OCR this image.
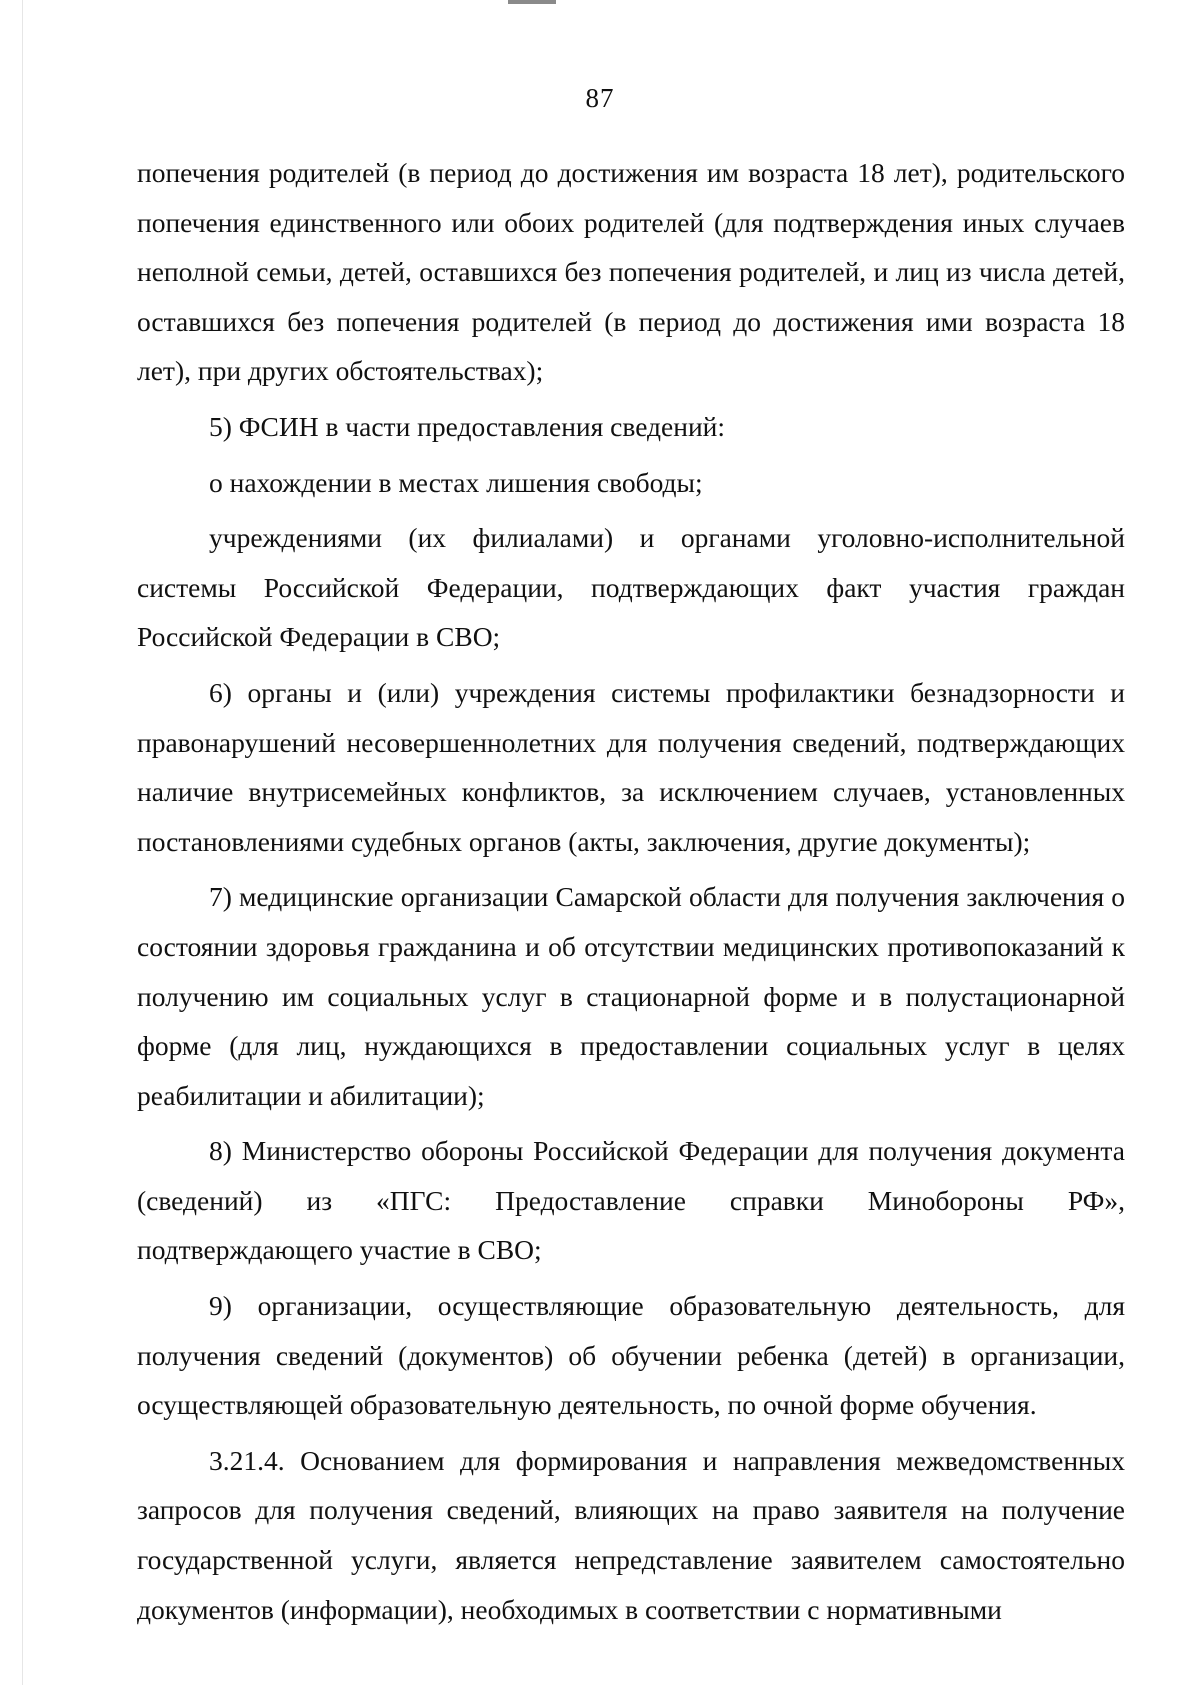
87

попечения родителей (в период до достижения им возраста 18 лет), родительского попечения единственного или обоих родителей (для подтверждения иных случаев неполной семьи, детей, оставшихся без попечения родителей, и лиц из числа детей, оставшихся без попечения родителей (в период до достижения ими возраста 18 лет), при других обстоятельствах);

5) ФСИН в части предоставления сведений:

о нахождении в местах лишения свободы;

учреждениями (их филиалами) и органами уголовно-исполнительной системы Российской Федерации, подтверждающих факт участия граждан Российской Федерации в СВО;

6) органы и (или) учреждения системы профилактики безнадзорности и правонарушений несовершеннолетних для получения сведений, подтверждающих наличие внутрисемейных конфликтов, за исключением случаев, установленных постановлениями судебных органов (акты, заключения, другие документы);

7) медицинские организации Самарской области для получения заключения о состоянии здоровья гражданина и об отсутствии медицинских противопоказаний к получению им социальных услуг в стационарной форме и в полустационарной форме (для лиц, нуждающихся в предоставлении социальных услуг в целях реабилитации и абилитации);

8) Министерство обороны Российской Федерации для получения документа (сведений) из «ПГС: Предоставление справки Минобороны РФ», подтверждающего участие в СВО;

9) организации, осуществляющие образовательную деятельность, для получения сведений (документов) об обучении ребенка (детей) в организации, осуществляющей образовательную деятельность, по очной форме обучения.

3.21.4. Основанием для формирования и направления межведомственных запросов для получения сведений, влияющих на право заявителя на получение государственной услуги, является непредставление заявителем самостоятельно документов (информации), необходимых в соответствии с нормативными
